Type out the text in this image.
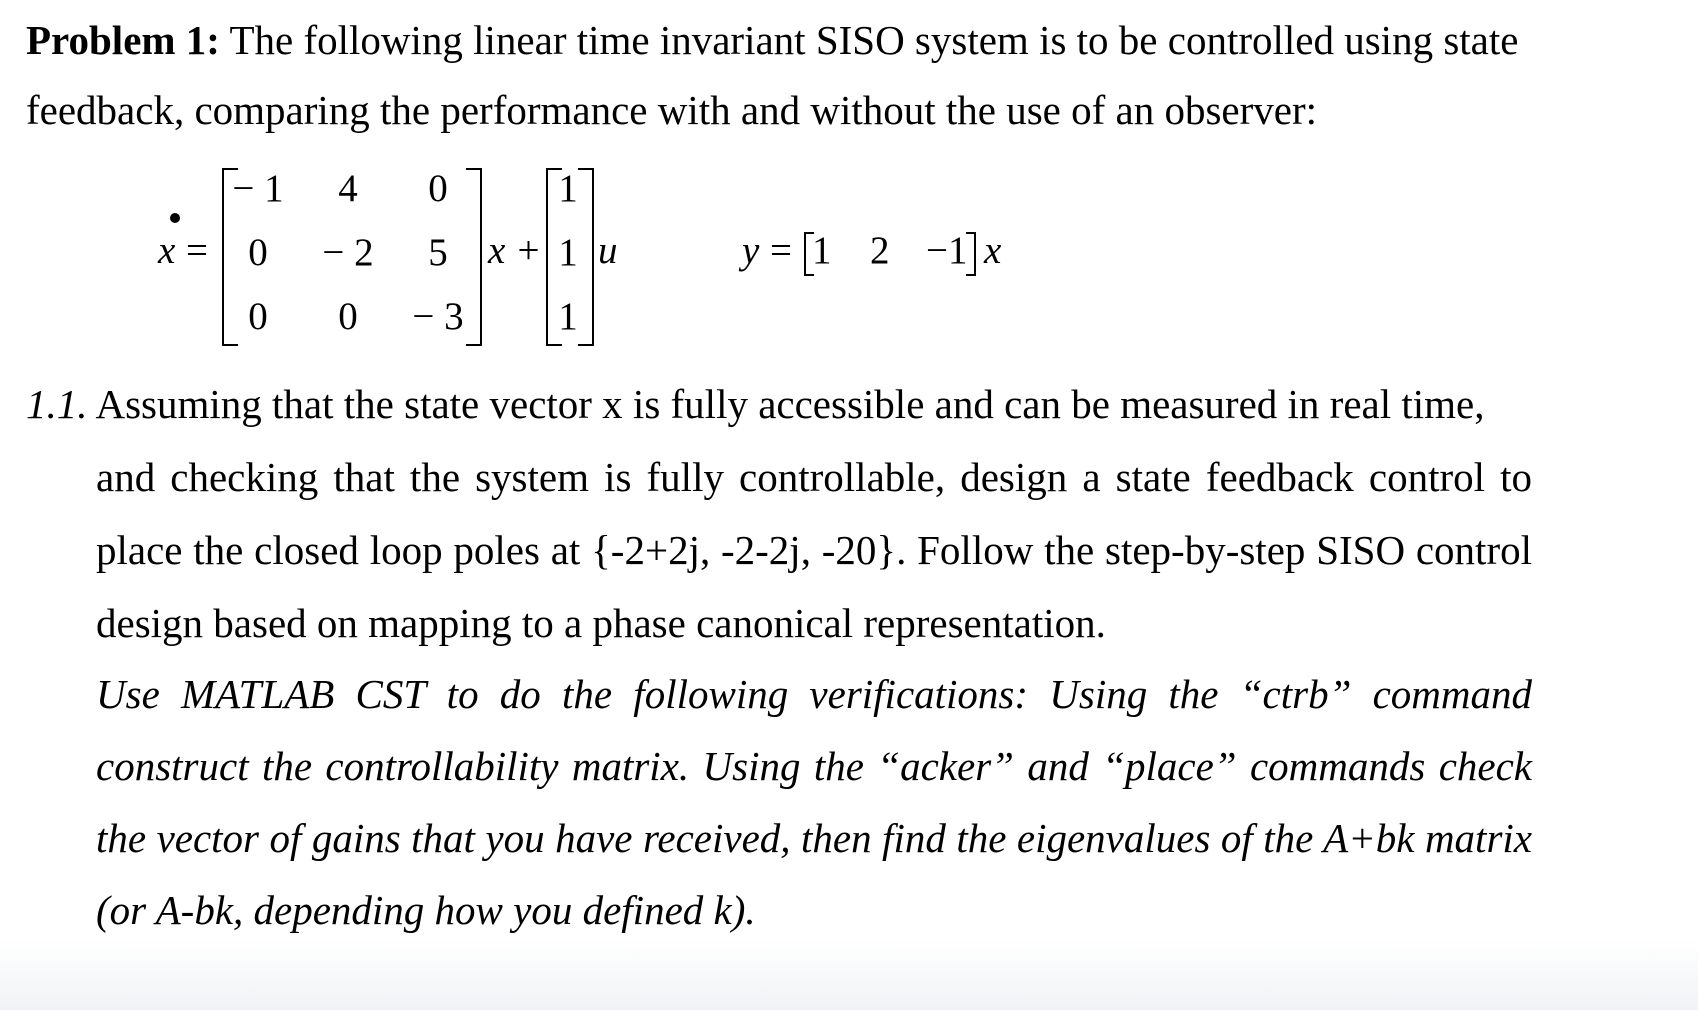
Problem 1: The following linear time invariant SISO system is to be controlled using state
feedback, comparing the performance with and without the use of an observer:
x =
− 1	4	0
0	− 2	5
0	0	− 3
x +
1
1
1
u	y = 1 2 −1 x
1.1. Assuming that the state vector x is fully accessible and can be measured in real time,
and checking that the system is fully controllable, design a state feedback control to
place the closed loop poles at {-2+2j, -2-2j, -20}. Follow the step-by-step SISO control
design based on mapping to a phase canonical representation.
Use MATLAB CST to do the following verifications: Using the “ctrb” command
construct the controllability matrix. Using the “acker” and “place” commands check
the vector of gains that you have received, then find the eigenvalues of the A+bk matrix
(or A-bk, depending how you defined k).
